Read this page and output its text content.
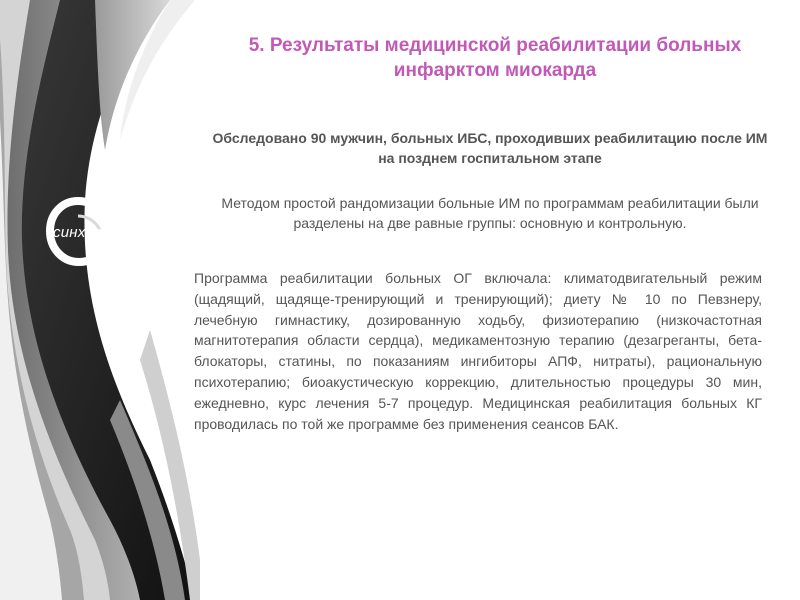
синхро
5. Результаты медицинской реабилитации больных инфарктом миокарда
Обследовано 90 мужчин, больных ИБС, проходивших реабилитацию после ИМ на позднем госпитальном этапе
Методом простой рандомизации больные ИМ по программам реабилитации были разделены на две равные группы: основную и контрольную.
Программа реабилитации больных ОГ включала: климатодвигательный режим (щадящий, щадяще-тренирующий и тренирующий); диету № 10 по Певзнеру, лечебную гимнастику, дозированную ходьбу, физиотерапию (низкочастотная магнитотерапия области сердца), медикаментозную терапию (дезагреганты, бета-блокаторы, статины, по показаниям ингибиторы АПФ, нитраты), рациональную психотерапию; биоакустическую коррекцию, длительностью процедуры 30 мин, ежедневно, курс лечения 5-7 процедур. Медицинская реабилитация больных КГ проводилась по той же программе без применения сеансов БАК.
